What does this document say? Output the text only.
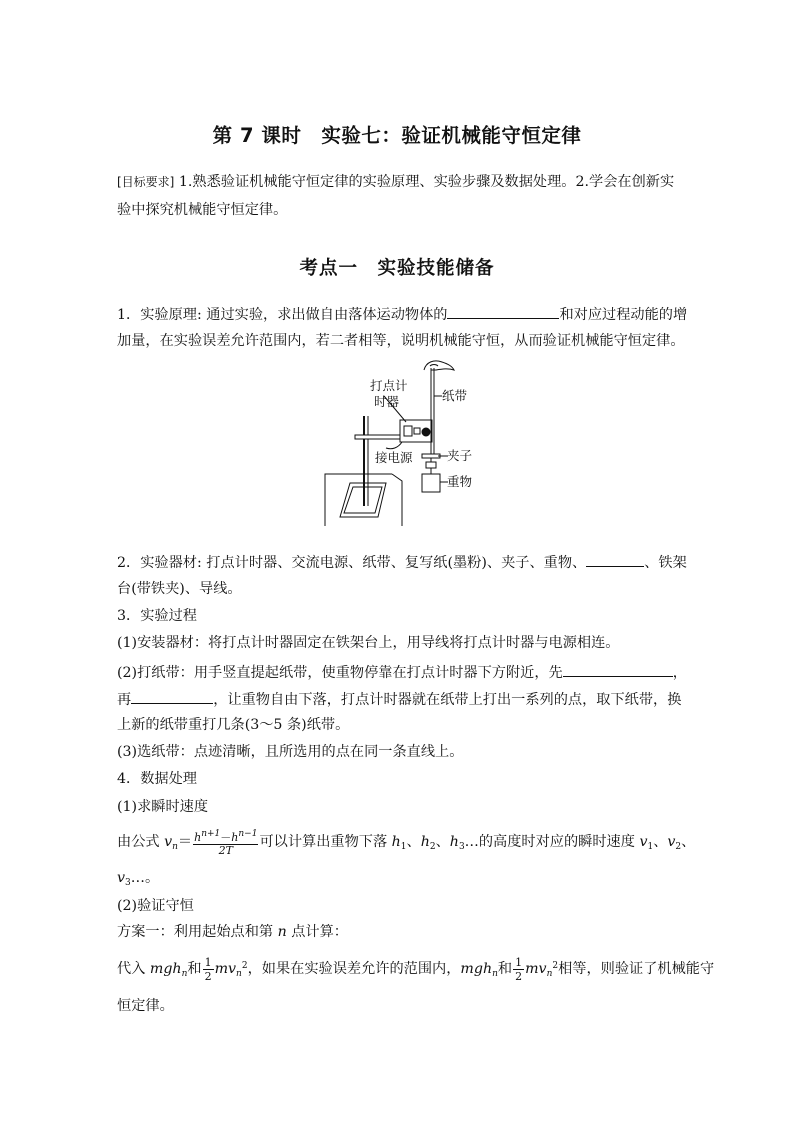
第 7 课时　实验七：验证机械能守恒定律
[目标要求] 1.熟悉验证机械能守恒定律的实验原理、实验步骤及数据处理。2.学会在创新实
验中探究机械能守恒定律。
考点一　实验技能储备
1．实验原理: 通过实验，求出做自由落体运动物体的	和对应过程动能的增
加量，在实验误差允许范围内，若二者相等，说明机械能守恒，从而验证机械能守恒定律。
打点计
时器	纸带
夹子
接电源
重物
2．实验器材: 打点计时器、交流电源、纸带、复写纸(墨粉)、夹子、重物、	、铁架
台(带铁夹)、导线。
3．实验过程
(1)安装器材：将打点计时器固定在铁架台上，用导线将打点计时器与电源相连。
(2)打纸带：用手竖直提起纸带，使重物停靠在打点计时器下方附近，先	，
再	，让重物自由下落，打点计时器就在纸带上打出一系列的点，取下纸带，换
上新的纸带重打几条(3～5 条)纸带。
(3)选纸带：点迹清晰，且所选用的点在同一条直线上。
4．数据处理
(1)求瞬时速度
由公式 $v_n= \frac{h^{n+1}-h^{n-1}}{2T}$ 可以计算出重物下落 $h_1$、$h_2$、$h_3\dots$的高度时对应的瞬时速度 $v_1$、$v_2$、
$v_3\dots$。
(2)验证守恒
方案一：利用起始点和第 n 点计算：
代入 mgh$_n$和 $\frac{1}{2} mv_n^2$，如果在实验误差允许的范围内，mgh$_n$和 $\frac{1}{2} mv_n^2$相等，则验证了机械能守
恒定律。
